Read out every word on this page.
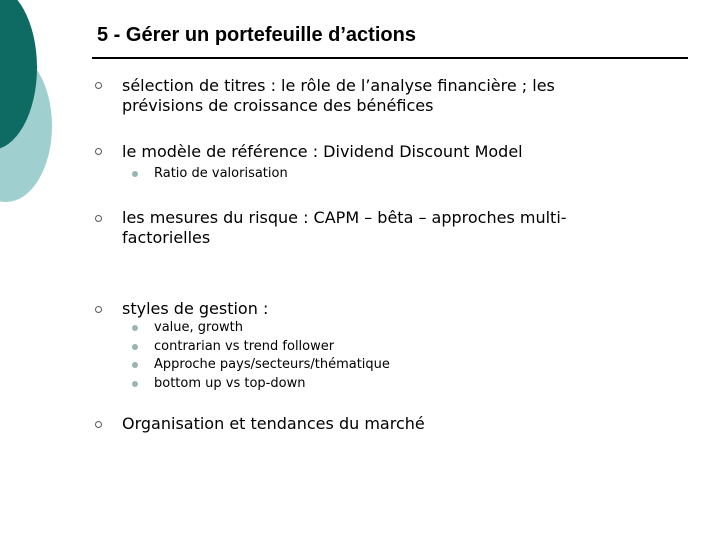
5 - Gérer un portefeuille d’actions

sélection de titres : le rôle de l’analyse financière ; les

prévisions de croissance des bénéfices

le modèle de référence : Dividend Discount Model

Ratio de valorisation

les mesures du risque : CAPM – bêta – approches multi-

factorielles

styles de gestion :

value, growth

contrarian vs trend follower

Approche pays/secteurs/thématique

bottom up vs top-down

Organisation et tendances du marché
